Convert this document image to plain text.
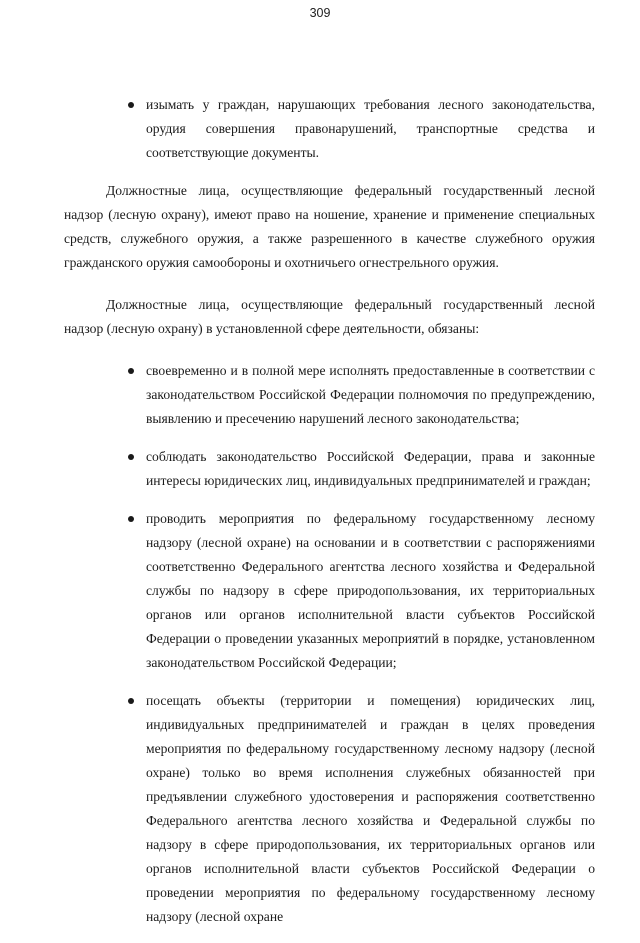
309
изымать у граждан, нарушающих требования лесного законодательства, орудия совершения правонарушений, транспортные средства и соответствующие документы.

Должностные лица, осуществляющие федеральный государственный лесной надзор (лесную охрану), имеют право на ношение, хранение и применение специальных средств, служебного оружия, а также разрешенного в качестве служебного оружия гражданского оружия самообороны и охотничьего огнестрельного оружия.

Должностные лица, осуществляющие федеральный государственный лесной надзор (лесную охрану) в установленной сфере деятельности, обязаны:

своевременно и в полной мере исполнять предоставленные в соответствии с законодательством Российской Федерации полномочия по предупреждению, выявлению и пресечению нарушений лесного законодательства;
соблюдать законодательство Российской Федерации, права и законные интересы юридических лиц, индивидуальных предпринимателей и граждан;
проводить мероприятия по федеральному государственному лесному надзору (лесной охране) на основании и в соответствии с распоряжениями соответственно Федерального агентства лесного хозяйства и Федеральной службы по надзору в сфере природопользования, их территориальных органов или органов исполнительной власти субъектов Российской Федерации о проведении указанных мероприятий в порядке, установленном законодательством Российской Федерации;
посещать объекты (территории и помещения) юридических лиц, индивидуальных предпринимателей и граждан в целях проведения мероприятия по федеральному государственному лесному надзору (лесной охране) только во время исполнения служебных обязанностей при предъявлении служебного удостоверения и распоряжения соответственно Федерального агентства лесного хозяйства и Федеральной службы по надзору в сфере природопользования, их территориальных органов или органов исполнительной власти субъектов Российской Федерации о проведении мероприятия по федеральному государственному лесному надзору (лесной охране
